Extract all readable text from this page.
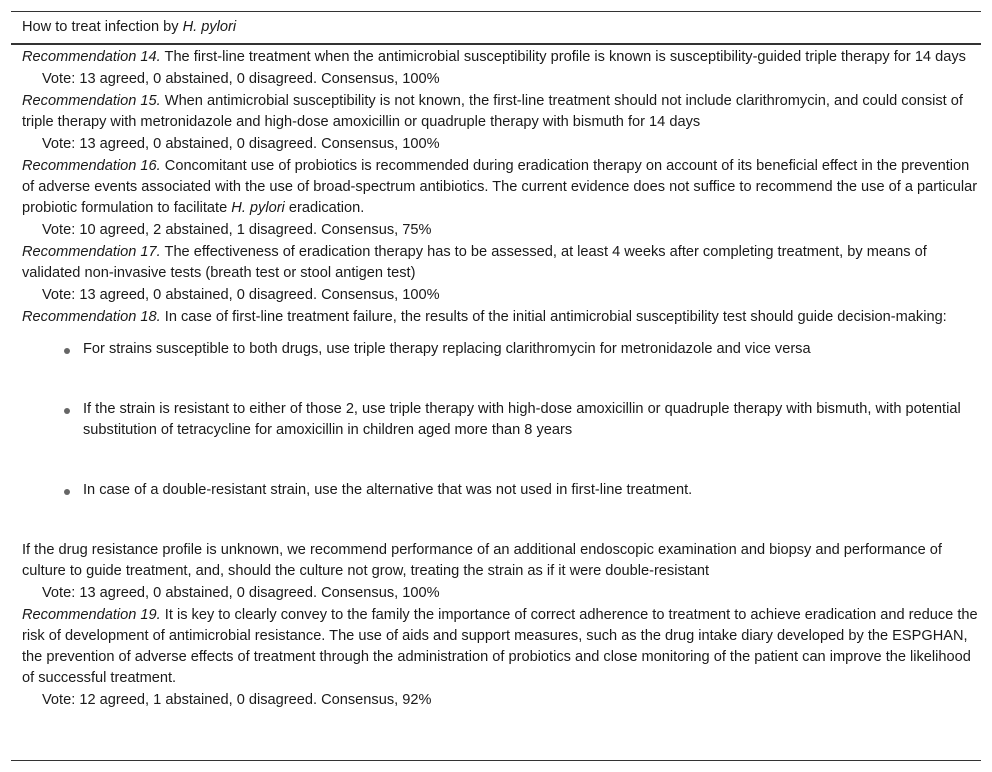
How to treat infection by H. pylori

Recommendation 14. The first-line treatment when the antimicrobial susceptibility profile is known is susceptibility-guided triple therapy for 14 days

Vote: 13 agreed, 0 abstained, 0 disagreed. Consensus, 100%

Recommendation 15. When antimicrobial susceptibility is not known, the first-line treatment should not include clarithromycin, and could consist of triple therapy with metronidazole and high-dose amoxicillin or quadruple therapy with bismuth for 14 days

Vote: 13 agreed, 0 abstained, 0 disagreed. Consensus, 100%

Recommendation 16. Concomitant use of probiotics is recommended during eradication therapy on account of its beneficial effect in the prevention of adverse events associated with the use of broad-spectrum antibiotics. The current evidence does not suffice to recommend the use of a particular probiotic formulation to facilitate H. pylori eradication.

Vote: 10 agreed, 2 abstained, 1 disagreed. Consensus, 75%

Recommendation 17. The effectiveness of eradication therapy has to be assessed, at least 4 weeks after completing treatment, by means of validated non-invasive tests (breath test or stool antigen test)

Vote: 13 agreed, 0 abstained, 0 disagreed. Consensus, 100%

Recommendation 18. In case of first-line treatment failure, the results of the initial antimicrobial susceptibility test should guide decision-making:

For strains susceptible to both drugs, use triple therapy replacing clarithromycin for metronidazole and vice versa
If the strain is resistant to either of those 2, use triple therapy with high-dose amoxicillin or quadruple therapy with bismuth, with potential substitution of tetracycline for amoxicillin in children aged more than 8 years
In case of a double-resistant strain, use the alternative that was not used in first-line treatment.

If the drug resistance profile is unknown, we recommend performance of an additional endoscopic examination and biopsy and performance of culture to guide treatment, and, should the culture not grow, treating the strain as if it were double-resistant

Vote: 13 agreed, 0 abstained, 0 disagreed. Consensus, 100%

Recommendation 19. It is key to clearly convey to the family the importance of correct adherence to treatment to achieve eradication and reduce the risk of development of antimicrobial resistance. The use of aids and support measures, such as the drug intake diary developed by the ESPGHAN, the prevention of adverse effects of treatment through the administration of probiotics and close monitoring of the patient can improve the likelihood of successful treatment.

Vote: 12 agreed, 1 abstained, 0 disagreed. Consensus, 92%
